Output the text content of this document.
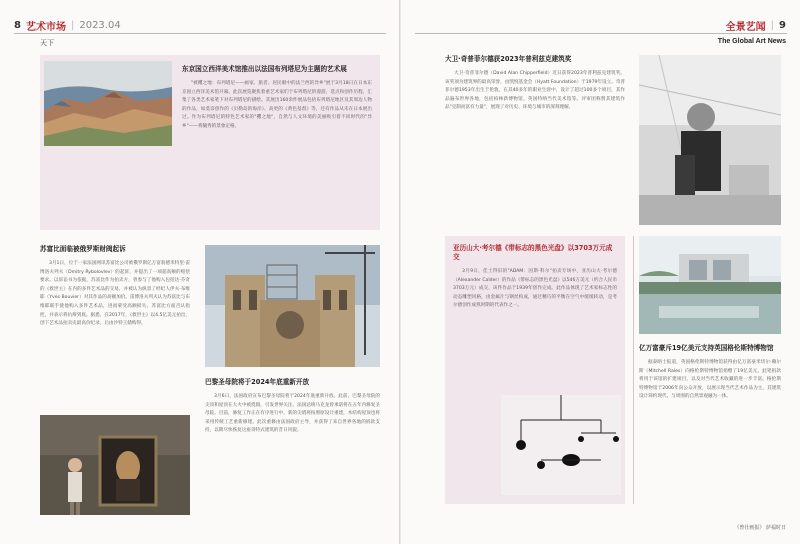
8 艺术市场 | 2023.04
天下

东京国立西洋美术馆推出以法国布列塔尼为主题的艺术展

"被攫之地：布列塔尼——画家、旅者、居民眼中的法兰西的异乡"展于3月18日在日本东京国立西洋美术馆开幕。此次展览聚焦着重艺术家们于布列塔尼的漫游、选点和创作历程，汇集了各类艺术家笔下对布列塔尼的描绘。其展出160余件展品包括布列塔尼地区及其周边人物的作品，如莫奈创作的《贝勒岛的海岸》、高更的《黄色基督》等，还有作品从未在日本展出过。作为布列塔尼的特色艺术家的"攫之地"，自然与人文环境的美丽吸引着不同时代的"异乡"——将毓秀的景象定格。

苏富比面临被俄罗斯财阀起诉

3月1日，位于一家法国网讯苏富比公司被俄罗斯亿万富翁德米特里·雷博洛夫列夫（Dmitry Rybolovlev）的起诉，并提出了一项超高额的赔偿要求。以诉讼书为依据，苏富比作为拍卖方，曾参与了他购入包括达·芬奇的《救世主》在内的多件艺术品的交易，并被认为纵容了经纪人伊夫·布维耶（Yves Bouvier）对其作品的高额加价。雷博洛夫列夫认为苏富比与布维耶联手使他购入多件艺术品，进而蒙受高额损失。苏富比方面否认指控，并表示将抗辩到底。据悉，在2017年，《救世主》以4.5亿美元拍出，创下艺术品拍卖史最高价纪录，后由沙特王储购得。

巴黎圣母院将于2024年底重新开放

3月6日，法国政府宣布巴黎圣母院将于2024年底重新开放。此前，巴黎圣母院的尖顶和屋顶在大火中被烧毁，引发世界关注。法国总统马克龙曾承诺将在五年内修复圣母院。目前，修复工作正在有序进行中，新的尖塔将按照原设计重建，木结构屋顶也将采用传统工艺重新修建。此次重修由法国政府主导，并获得了来自世界各地的捐款支持，以期尽快恢复这座哥特式建筑的昔日风貌。

全景艺闻 | 9
The Global Art News

大卫·奇普菲尔德获2023年普利兹克建筑奖

大卫·奇普菲尔德（David Alan Chipperfield）近日获得2023年普利兹克建筑奖。该奖项为建筑界的最高荣誉，由凯悦基金会（Hyatt Foundation）于1979年设立。奇普菲尔德1953年出生于伦敦，在其40多年的职业生涯中，设计了超过100多个项目，其作品遍布世界各地，包括柏林新博物馆、英国特纳当代美术馆等。评审团称赞其建筑作品"克制而富有力量"，展现了对历史、环境与城市的深刻理解。

亚历山大·考尔德《带标志的黑色光盘》以3703万元成交

3月9日，佳士得旧的"ADAM：因斯·科尔"拍卖专场中，亚历山大·考尔德（Alexander Calder）的作品《带标志的黑色光盘》以546万美元（约合人民币3703万元）成交，该件作品于1939年创作完成。此作品体现了艺术家标志性的动态雕塑风格，由金属片与钢丝构成，通过精巧的平衡在空气中缓缓转动，是考尔德创作成熟时期的代表作之一。

亿万富豪斥19亿美元支持英国格伦斯特博物馆

据泰晤士报道，英国格伦斯特博物馆获得由亿万富豪米切尔·赖尔斯（Mitchell Rales）向格伦斯特博物馆捐赠了19亿美元。此笔捐款将用于该馆的扩建项目，以及对当代艺术收藏的进一步丰富。格伦斯特博物馆于2006年向公众开放，以展示现当代艺术作品为主，其建筑设计简约现代，与周围的自然景观融为一体。

《曾仕画报》 萨福时日
